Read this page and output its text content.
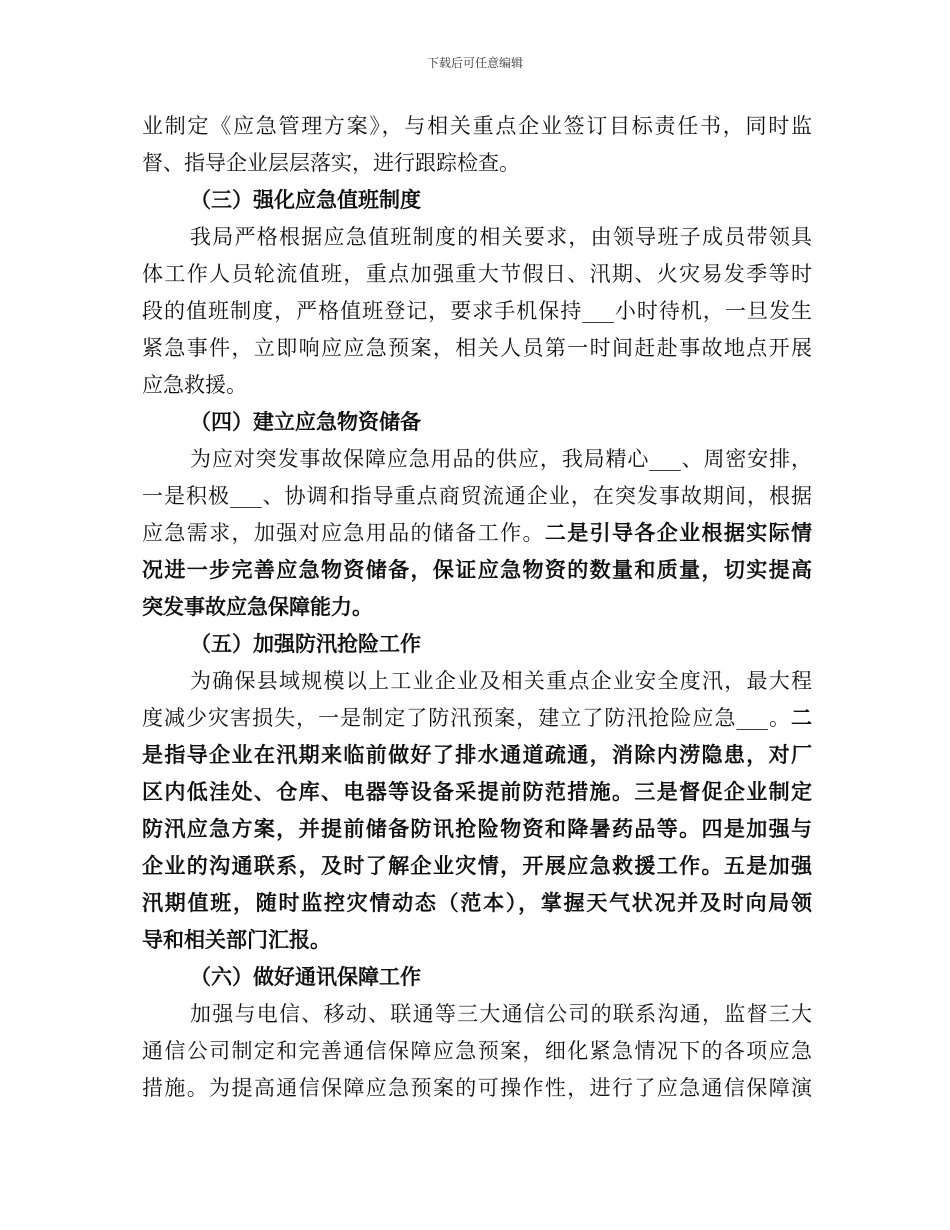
下载后可任意编辑
业制定《应急管理方案》，与相关重点企业签订目标责任书，同时监
督、指导企业层层落实，进行跟踪检查。
（三）强化应急值班制度
我局严格根据应急值班制度的相关要求，由领导班子成员带领具
体工作人员轮流值班，重点加强重大节假日、汛期、火灾易发季等时
段的值班制度，严格值班登记，要求手机保持___小时待机，一旦发生
紧急事件，立即响应应急预案，相关人员第一时间赶赴事故地点开展
应急救援。
（四）建立应急物资储备
为应对突发事故保障应急用品的供应，我局精心___、周密安排，
一是积极___、协调和指导重点商贸流通企业，在突发事故期间，根据
应急需求，加强对应急用品的储备工作。二是引导各企业根据实际情
况进一步完善应急物资储备，保证应急物资的数量和质量，切实提高
突发事故应急保障能力。
（五）加强防汛抢险工作
为确保县域规模以上工业企业及相关重点企业安全度汛，最大程
度减少灾害损失，一是制定了防汛预案，建立了防汛抢险应急___。二
是指导企业在汛期来临前做好了排水通道疏通，消除内涝隐患，对厂
区内低洼处、仓库、电器等设备采提前防范措施。三是督促企业制定
防汛应急方案，并提前储备防讯抢险物资和降暑药品等。四是加强与
企业的沟通联系，及时了解企业灾情，开展应急救援工作。五是加强
汛期值班，随时监控灾情动态（范本），掌握天气状况并及时向局领
导和相关部门汇报。
（六）做好通讯保障工作
加强与电信、移动、联通等三大通信公司的联系沟通，监督三大
通信公司制定和完善通信保障应急预案，细化紧急情况下的各项应急
措施。为提高通信保障应急预案的可操作性，进行了应急通信保障演
